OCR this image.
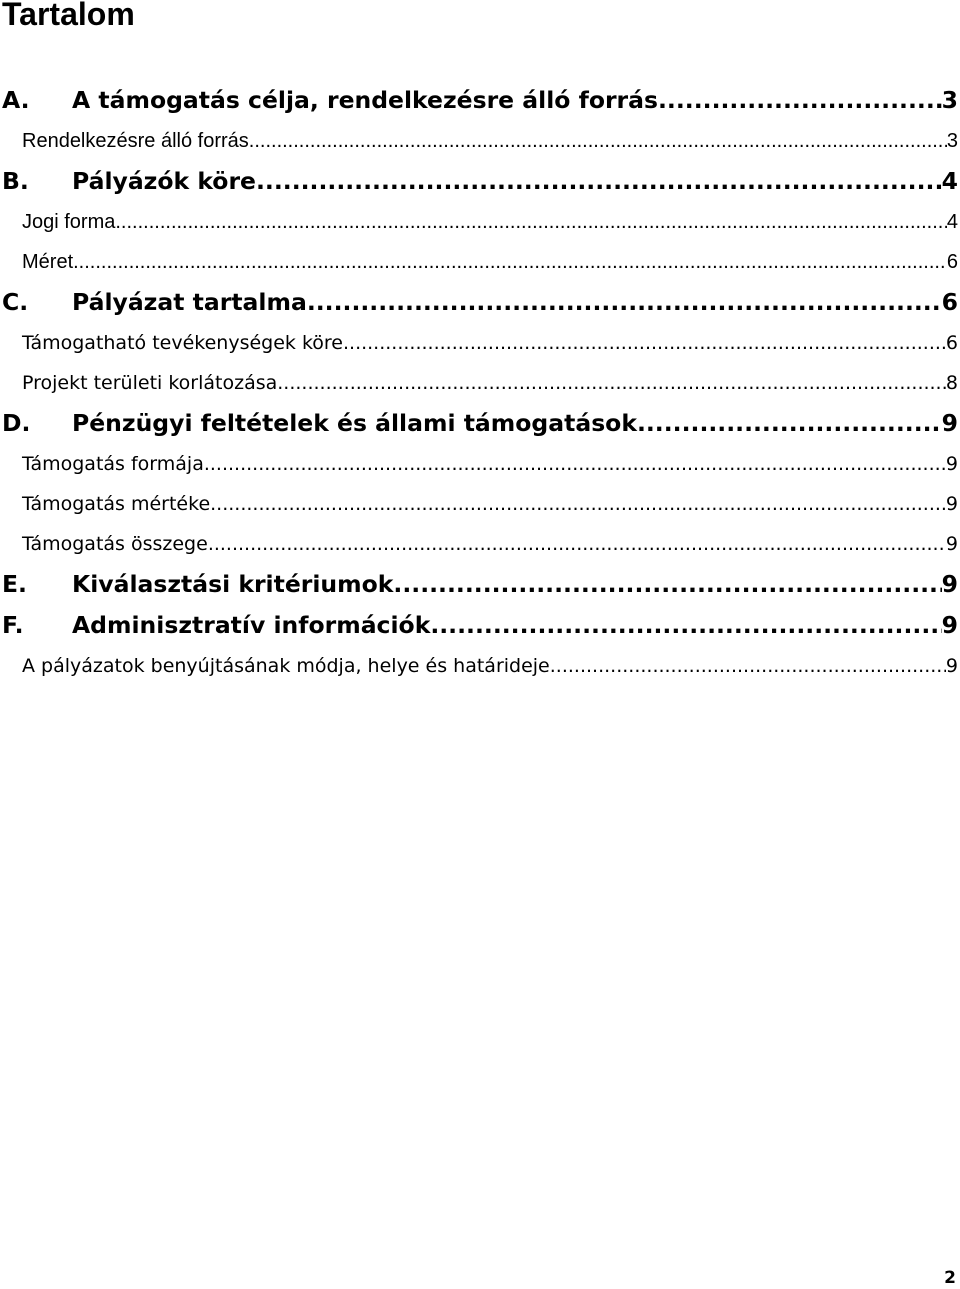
Tartalom
A.	A támogatás célja, rendelkezésre álló forrás .....	3
Rendelkezésre álló forrás .....	3
B.	Pályázók köre .....	4
Jogi forma .....	4
Méret .....	6
C.	Pályázat tartalma .....	6
Támogatható tevékenységek köre .....	6
Projekt területi korlátozása .....	8
D.	Pénzügyi feltételek és állami támogatások .....	9
Támogatás formája .....	9
Támogatás mértéke .....	9
Támogatás összege .....	9
E.	Kiválasztási kritériumok .....	9
F.	Adminisztratív információk .....	9
A pályázatok benyújtásának módja, helye és határideje .....	9
2
